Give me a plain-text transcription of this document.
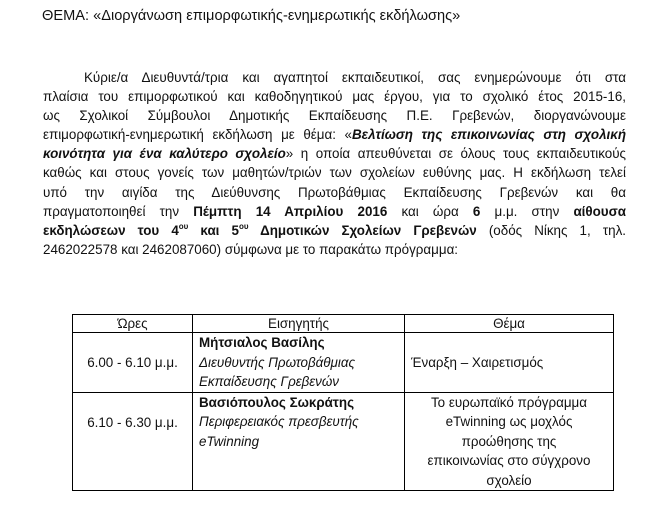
ΘΕΜΑ: «Διοργάνωση επιμορφωτικής-ενημερωτικής εκδήλωσης»
Κύριε/α Διευθυντά/τρια και αγαπητοί εκπαιδευτικοί, σας ενημερώνουμε ότι στα
πλαίσια του επιμορφωτικού και καθοδηγητικού μας έργου, για το σχολικό έτος 2015-16,
ως Σχολικοί Σύμβουλοι Δημοτικής Εκπαίδευσης Π.Ε. Γρεβενών, διοργανώνουμε
επιμορφωτική-ενημερωτική εκδήλωση με θέμα: «Βελτίωση της επικοινωνίας στη σχολική
κοινότητα για ένα καλύτερο σχολείο» η οποία απευθύνεται σε όλους τους εκπαιδευτικούς
καθώς και στους γονείς των μαθητών/τριών των σχολείων ευθύνης μας. Η εκδήλωση τελεί
υπό την αιγίδα της Διεύθυνσης Πρωτοβάθμιας Εκπαίδευσης Γρεβενών και θα
πραγματοποιηθεί την Πέμπτη 14 Απριλίου 2016 και ώρα 6 μ.μ. στην αίθουσα
εκδηλώσεων του $4^{o\upsilon}$ και $5^{o\upsilon}$ Δημοτικών Σχολείων Γρεβενών (οδός Νίκης 1, τηλ.
2462022578 και 2462087060) σύμφωνα με το παρακάτω πρόγραμμα:
Ώρες	Εισηγητής	Θέμα
6.00 - 6.10 μ.μ.	Μήτσιαλος Βασίλης
Διευθυντής Πρωτοβάθμιας
Εκπαίδευσης Γρεβενών	Έναρξη – Χαιρετισμός
6.10 - 6.30 μ.μ.	Βασιόπουλος Σωκράτης
Περιφερειακός πρεσβευτής
eTwinning	Το ευρωπαϊκό πρόγραμμα
eTwinning ως μοχλός
προώθησης της
επικοινωνίας στο σύγχρονο
σχολείο
